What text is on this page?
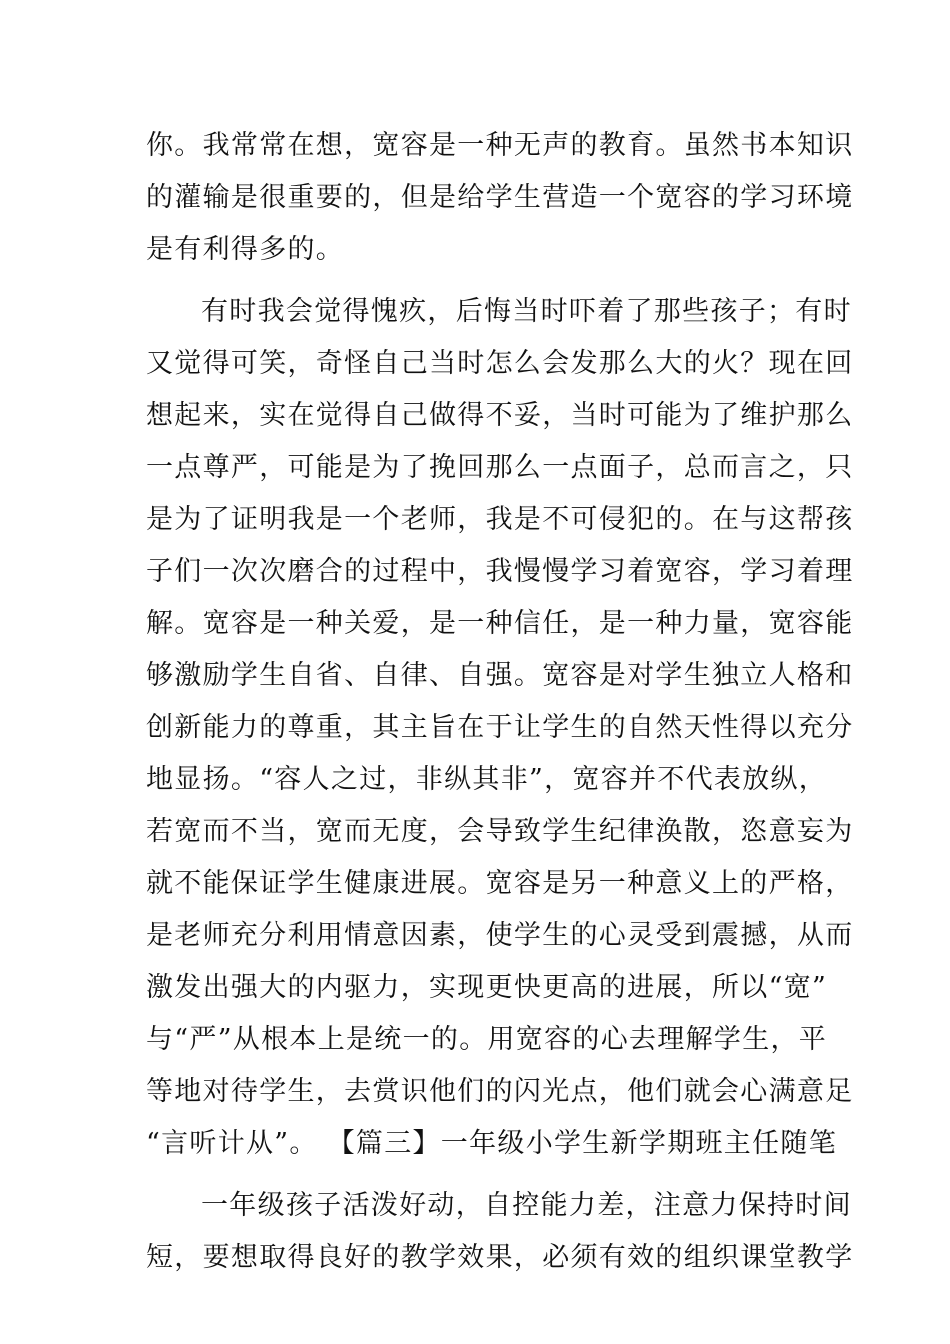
你。我常常在想，宽容是一种无声的教育。虽然书本知识
的灌输是很重要的，但是给学生营造一个宽容的学习环境
是有利得多的。
有时我会觉得愧疚，后悔当时吓着了那些孩子；有时
又觉得可笑，奇怪自己当时怎么会发那么大的火？现在回
想起来，实在觉得自己做得不妥，当时可能为了维护那么
一点尊严，可能是为了挽回那么一点面子，总而言之，只
是为了证明我是一个老师，我是不可侵犯的。在与这帮孩
子们一次次磨合的过程中，我慢慢学习着宽容，学习着理
解。宽容是一种关爱，是一种信任，是一种力量，宽容能
够激励学生自省、自律、自强。宽容是对学生独立人格和
创新能力的尊重，其主旨在于让学生的自然天性得以充分
地显扬。“容人之过，非纵其非”，宽容并不代表放纵，
若宽而不当，宽而无度，会导致学生纪律涣散，恣意妄为
就不能保证学生健康进展。宽容是另一种意义上的严格，
是老师充分利用情意因素，使学生的心灵受到震撼，从而
激发出强大的内驱力，实现更快更高的进展，所以“宽”
与“严”从根本上是统一的。用宽容的心去理解学生，平
等地对待学生，去赏识他们的闪光点，他们就会心满意足
“言听计从”。 【篇三】一年级小学生新学期班主任随笔
一年级孩子活泼好动，自控能力差，注意力保持时间
短，要想取得良好的教学效果，必须有效的组织课堂教学
